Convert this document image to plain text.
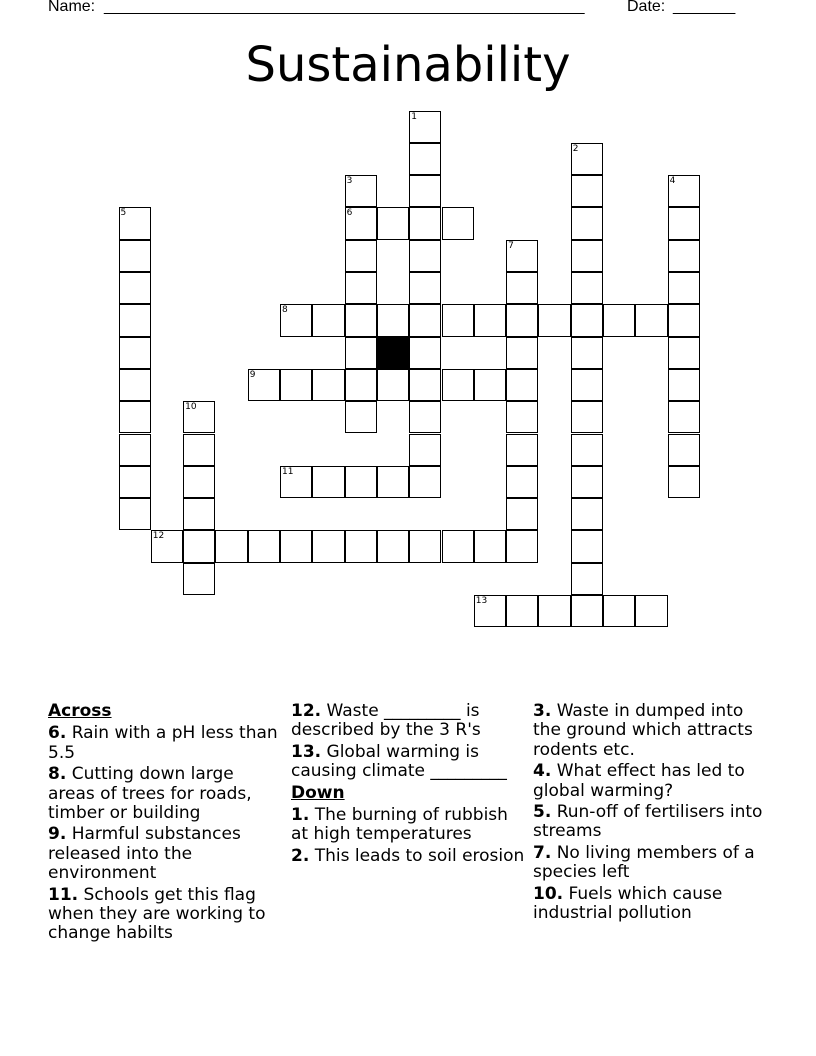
Name:

______________________________________________________

	Date:

_______

Sustainability
1
2
3
6
4
5
7
8
9
10
11
12
13
Across
6. Rain with a pH less than 5.5
8. Cutting down large areas of trees for roads, timber or building
9. Harmful substances released into the environment
11. Schools get this flag when they are working to change habilts
12. Waste _________ is described by the 3 R's
13. Global warming is causing climate _________
Down
1. The burning of rubbish at high temperatures
2. This leads to soil erosion
3. Waste in dumped into the ground which attracts rodents etc.
4. What effect has led to global warming?
5. Run-off of fertilisers into streams
7. No living members of a species left
10. Fuels which cause industrial pollution
